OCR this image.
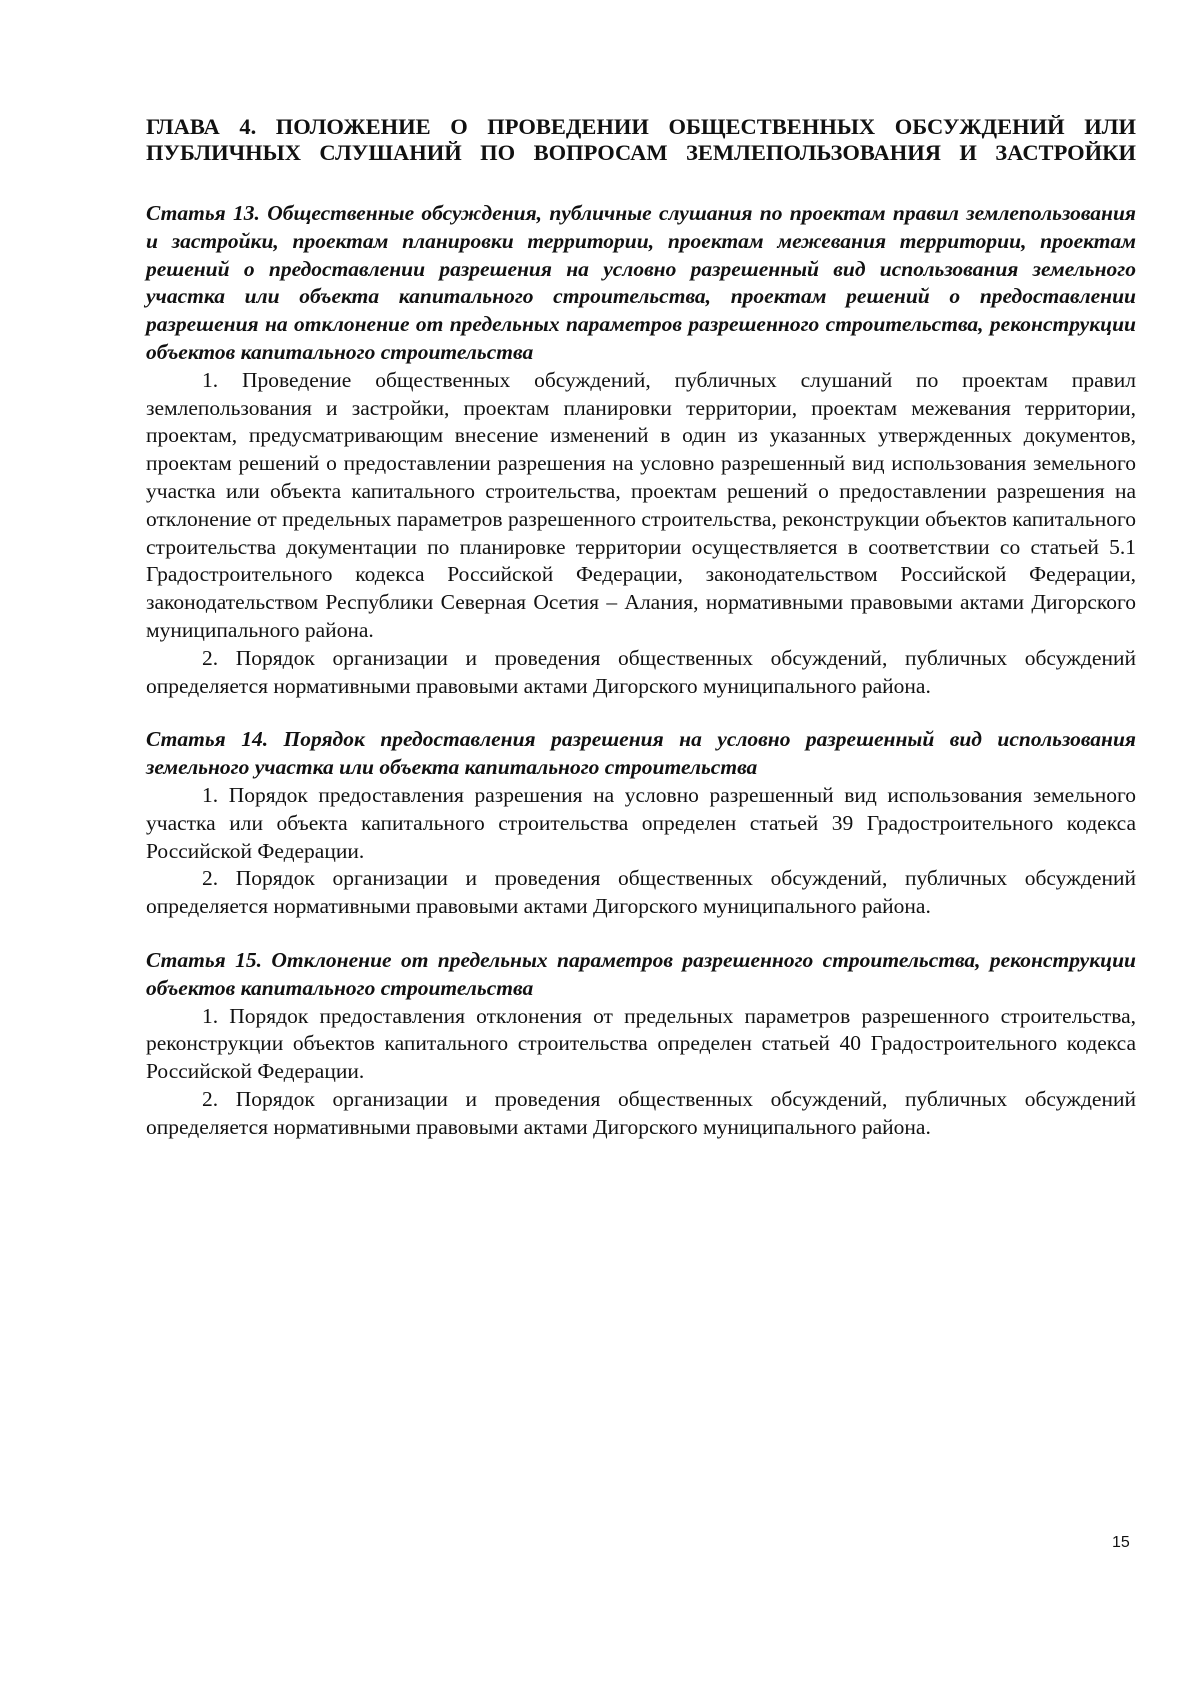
ГЛАВА 4. ПОЛОЖЕНИЕ О ПРОВЕДЕНИИ ОБЩЕСТВЕННЫХ ОБСУЖДЕНИЙ ИЛИ ПУБЛИЧНЫХ СЛУШАНИЙ ПО ВОПРОСАМ ЗЕМЛЕПОЛЬЗОВАНИЯ И ЗАСТРОЙКИ
Статья 13. Общественные обсуждения, публичные слушания по проектам правил землепользования и застройки, проектам планировки территории, проектам межевания территории, проектам решений о предоставлении разрешения на условно разрешенный вид использования земельного участка или объекта капитального строительства, проектам решений о предоставлении разрешения на отклонение от предельных параметров разрешенного строительства, реконструкции объектов капитального строительства
1. Проведение общественных обсуждений, публичных слушаний по проектам правил землепользования и застройки, проектам планировки территории, проектам межевания территории, проектам, предусматривающим внесение изменений в один из указанных утвержденных документов, проектам решений о предоставлении разрешения на условно разрешенный вид использования земельного участка или объекта капитального строительства, проектам решений о предоставлении разрешения на отклонение от предельных параметров разрешенного строительства, реконструкции объектов капитального строительства документации по планировке территории осуществляется в соответствии со статьей 5.1 Градостроительного кодекса Российской Федерации, законодательством Российской Федерации, законодательством Республики Северная Осетия – Алания, нормативными правовыми актами Дигорского муниципального района.
2. Порядок организации и проведения общественных обсуждений, публичных обсуждений определяется нормативными правовыми актами Дигорского муниципального района.
Статья 14. Порядок предоставления разрешения на условно разрешенный вид использования земельного участка или объекта капитального строительства
1. Порядок предоставления разрешения на условно разрешенный вид использования земельного участка или объекта капитального строительства определен статьей 39 Градостроительного кодекса Российской Федерации.
2. Порядок организации и проведения общественных обсуждений, публичных обсуждений определяется нормативными правовыми актами Дигорского муниципального района.
Статья 15. Отклонение от предельных параметров разрешенного строительства, реконструкции объектов капитального строительства
1. Порядок предоставления отклонения от предельных параметров разрешенного строительства, реконструкции объектов капитального строительства определен статьей 40 Градостроительного кодекса Российской Федерации.
2. Порядок организации и проведения общественных обсуждений, публичных обсуждений определяется нормативными правовыми актами Дигорского муниципального района.
15
